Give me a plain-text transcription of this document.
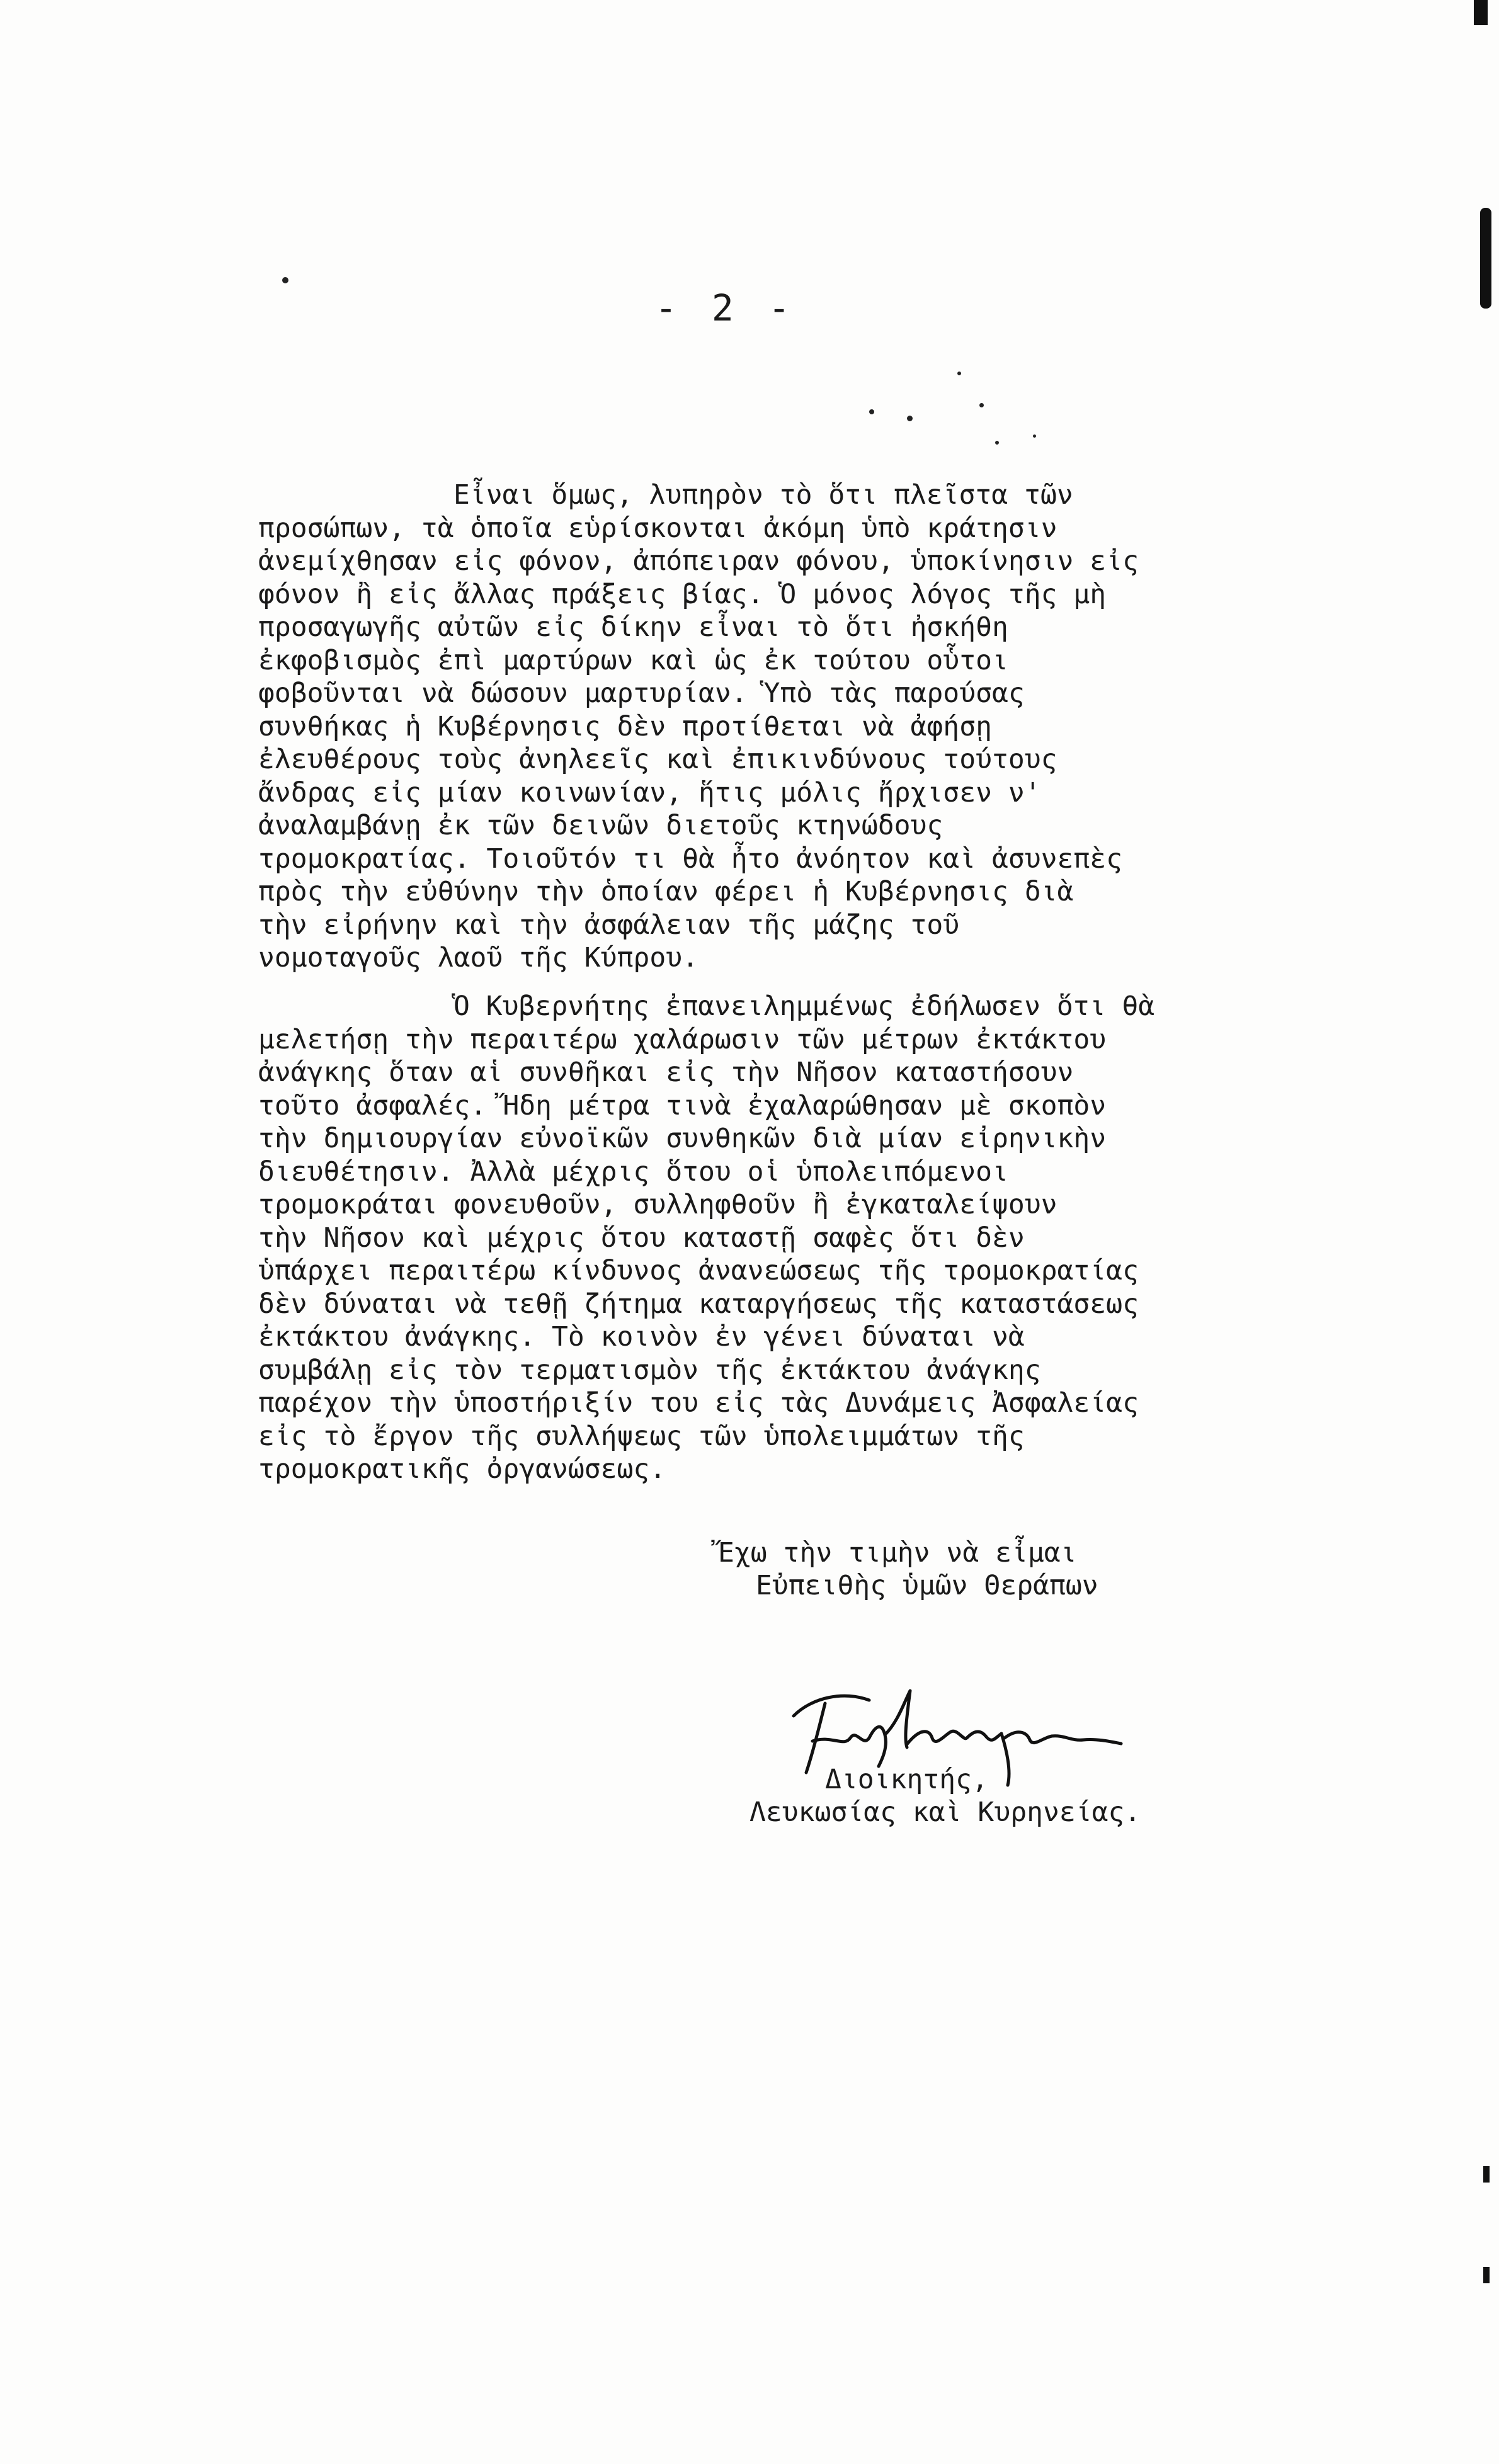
- 2 -
Εἶναι ὅμως, λυπηρὸν τὸ ὅτι πλεῖστα τῶν
προσώπων, τὰ ὁποῖα εὑρίσκονται ἀκόμη ὑπὸ κράτησιν
ἀνεμίχθησαν εἰς φόνον, ἀπόπειραν φόνου, ὑποκίνησιν εἰς
φόνον ἢ εἰς ἄλλας πράξεις βίας. Ὁ μόνος λόγος τῆς μὴ
προσαγωγῆς αὐτῶν εἰς δίκην εἶναι τὸ ὅτι ἠσκήθη
ἐκφοβισμὸς ἐπὶ μαρτύρων καὶ ὡς ἐκ τούτου οὗτοι
φοβοῦνται νὰ δώσουν μαρτυρίαν. Ὑπὸ τὰς παρούσας
συνθήκας ἡ Κυβέρνησις δὲν προτίθεται νὰ ἀφήσῃ
ἐλευθέρους τοὺς ἀνηλεεῖς καὶ ἐπικινδύνους τούτους
ἄνδρας εἰς μίαν κοινωνίαν, ἥτις μόλις ἤρχισεν ν'
ἀναλαμβάνῃ ἐκ τῶν δεινῶν διετοῦς κτηνώδους
τρομοκρατίας. Τοιοῦτόν τι θὰ ἦτο ἀνόητον καὶ ἀσυνεπὲς
πρὸς τὴν εὐθύνην τὴν ὁποίαν φέρει ἡ Κυβέρνησις διὰ
τὴν εἰρήνην καὶ τὴν ἀσφάλειαν τῆς μάζης τοῦ
νομοταγοῦς λαοῦ τῆς Κύπρου.
Ὁ Κυβερνήτης ἐπανειλημμένως ἐδήλωσεν ὅτι θὰ
μελετήσῃ τὴν περαιτέρω χαλάρωσιν τῶν μέτρων ἐκτάκτου
ἀνάγκης ὅταν αἱ συνθῆκαι εἰς τὴν Νῆσον καταστήσουν
τοῦτο ἀσφαλές. Ἤδη μέτρα τινὰ ἐχαλαρώθησαν μὲ σκοπὸν
τὴν δημιουργίαν εὐνοϊκῶν συνθηκῶν διὰ μίαν εἰρηνικὴν
διευθέτησιν. Ἀλλὰ μέχρις ὅτου οἱ ὑπολειπόμενοι
τρομοκράται φονευθοῦν, συλληφθοῦν ἢ ἐγκαταλείψουν
τὴν Νῆσον καὶ μέχρις ὅτου καταστῇ σαφὲς ὅτι δὲν
ὑπάρχει περαιτέρω κίνδυνος ἀνανεώσεως τῆς τρομοκρατίας
δὲν δύναται νὰ τεθῇ ζήτημα καταργήσεως τῆς καταστάσεως
ἐκτάκτου ἀνάγκης. Τὸ κοινὸν ἐν γένει δύναται νὰ
συμβάλῃ εἰς τὸν τερματισμὸν τῆς ἐκτάκτου ἀνάγκης
παρέχον τὴν ὑποστήριξίν του εἰς τὰς Δυνάμεις Ἀσφαλείας
εἰς τὸ ἔργον τῆς συλλήψεως τῶν ὑπολειμμάτων τῆς
τρομοκρατικῆς ὀργανώσεως.
Ἔχω τὴν τιμὴν νὰ εἶμαι
Εὐπειθὴς ὑμῶν Θεράπων
Διοικητής,
Λευκωσίας καὶ Κυρηνείας.
